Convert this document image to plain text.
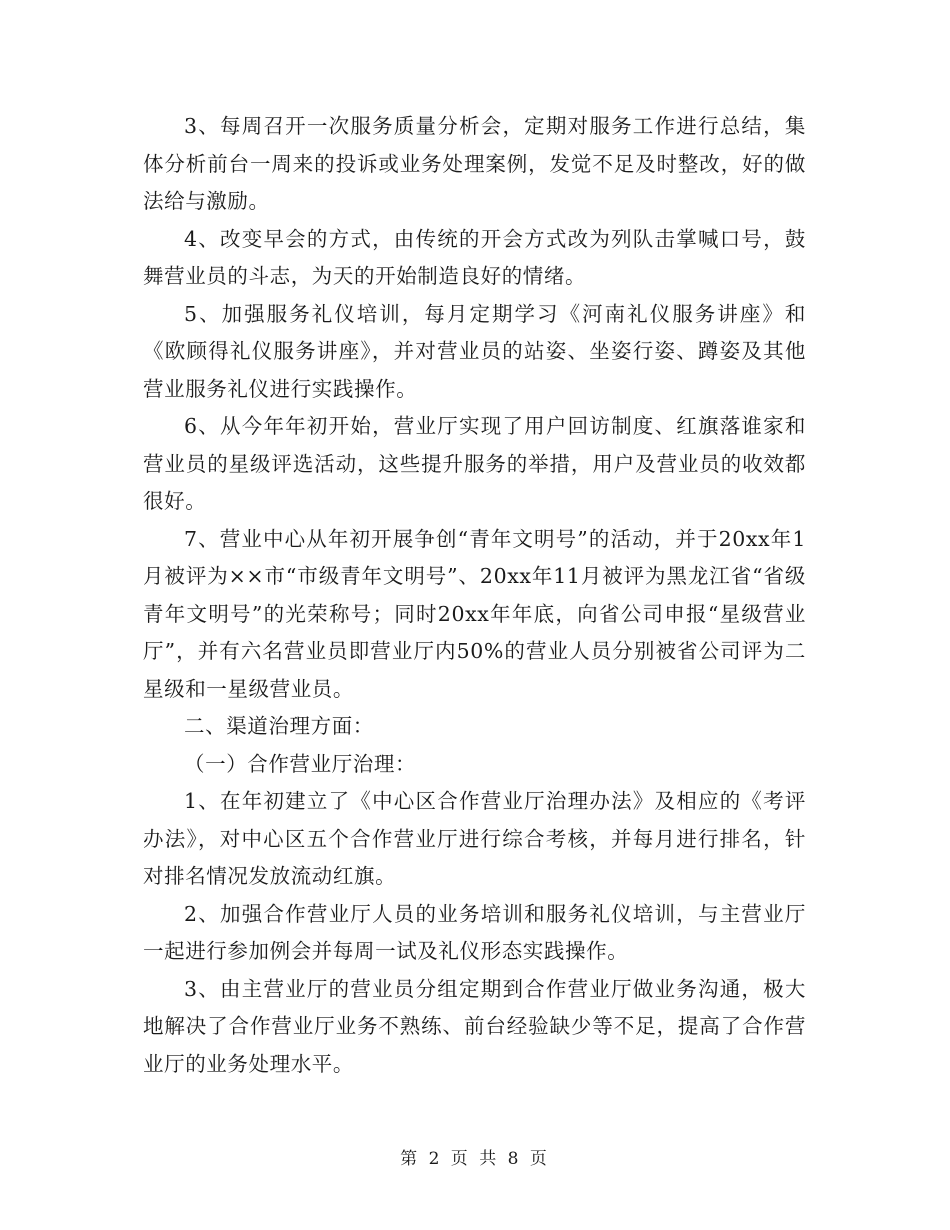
3、每周召开一次服务质量分析会，定期对服务工作进行总结，集体分析前台一周来的投诉或业务处理案例，发觉不足及时整改，好的做法给与激励。

4、改变早会的方式，由传统的开会方式改为列队击掌喊口号，鼓舞营业员的斗志，为天的开始制造良好的情绪。

5、加强服务礼仪培训，每月定期学习《河南礼仪服务讲座》和《欧顾得礼仪服务讲座》，并对营业员的站姿、坐姿行姿、蹲姿及其他营业服务礼仪进行实践操作。

6、从今年年初开始，营业厅实现了用户回访制度、红旗落谁家和营业员的星级评选活动，这些提升服务的举措，用户及营业员的收效都很好。

7、营业中心从年初开展争创“青年文明号”的活动，并于20xx年1月被评为××市“市级青年文明号”、20xx年11月被评为黑龙江省“省级青年文明号”的光荣称号；同时20xx年年底，向省公司申报“星级营业厅”，并有六名营业员即营业厅内50%的营业人员分别被省公司评为二星级和一星级营业员。

二、渠道治理方面：

（一）合作营业厅治理：

1、在年初建立了《中心区合作营业厅治理办法》及相应的《考评办法》，对中心区五个合作营业厅进行综合考核，并每月进行排名，针对排名情况发放流动红旗。

2、加强合作营业厅人员的业务培训和服务礼仪培训，与主营业厅一起进行参加例会并每周一试及礼仪形态实践操作。

3、由主营业厅的营业员分组定期到合作营业厅做业务沟通，极大地解决了合作营业厅业务不熟练、前台经验缺少等不足，提高了合作营业厅的业务处理水平。

第 2 页 共 8 页
